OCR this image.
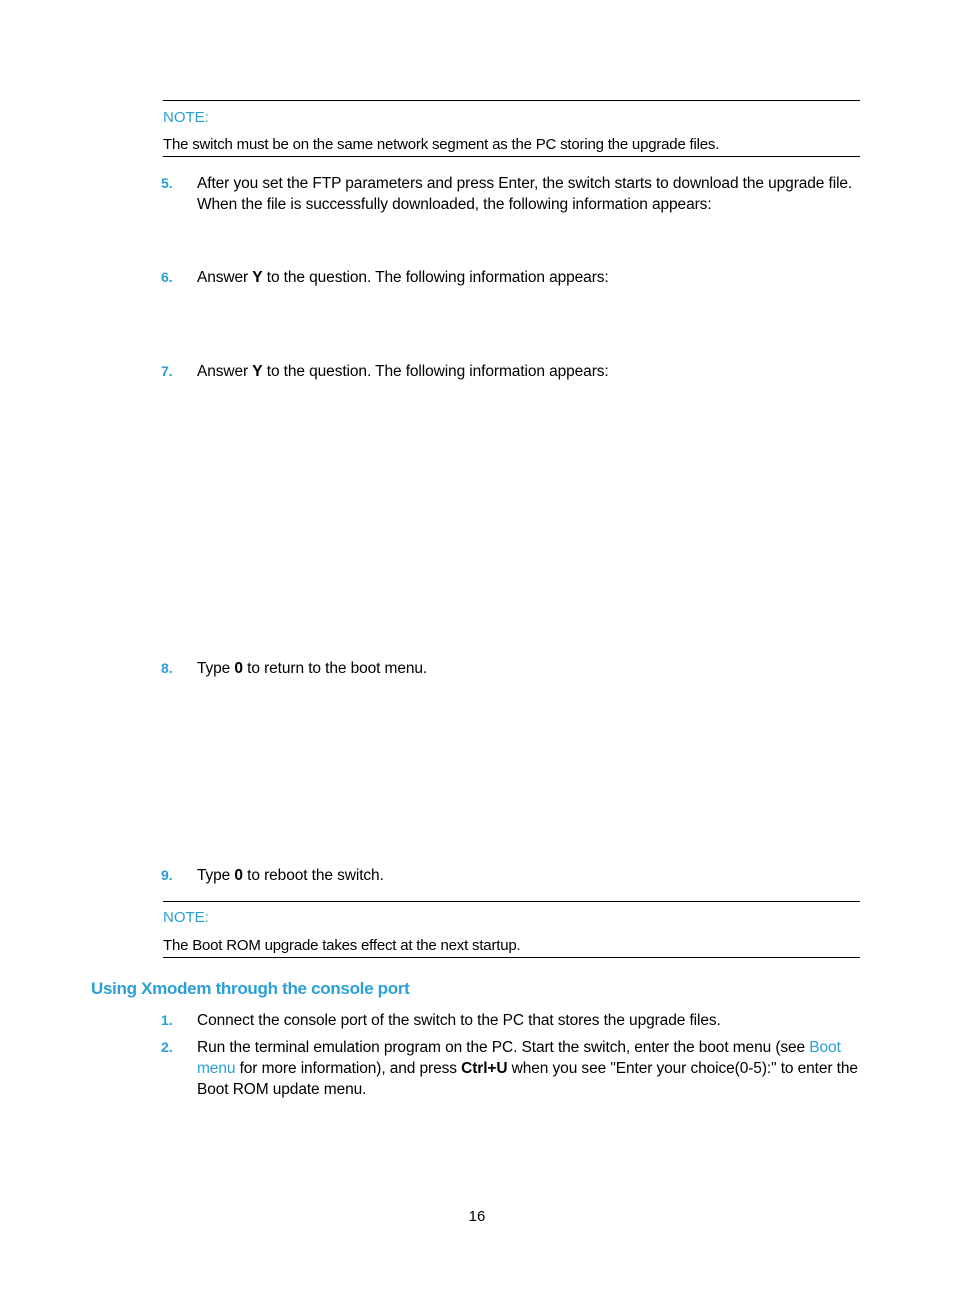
NOTE:
The switch must be on the same network segment as the PC storing the upgrade files.
5. After you set the FTP parameters and press Enter, the switch starts to download the upgrade file. When the file is successfully downloaded, the following information appears:
6. Answer Y to the question. The following information appears:
7. Answer Y to the question. The following information appears:
8. Type 0 to return to the boot menu.
9. Type 0 to reboot the switch.
NOTE:
The Boot ROM upgrade takes effect at the next startup.
Using Xmodem through the console port
1. Connect the console port of the switch to the PC that stores the upgrade files.
2. Run the terminal emulation program on the PC. Start the switch, enter the boot menu (see Boot menu for more information), and press Ctrl+U when you see "Enter your choice(0-5):" to enter the Boot ROM update menu.
16
